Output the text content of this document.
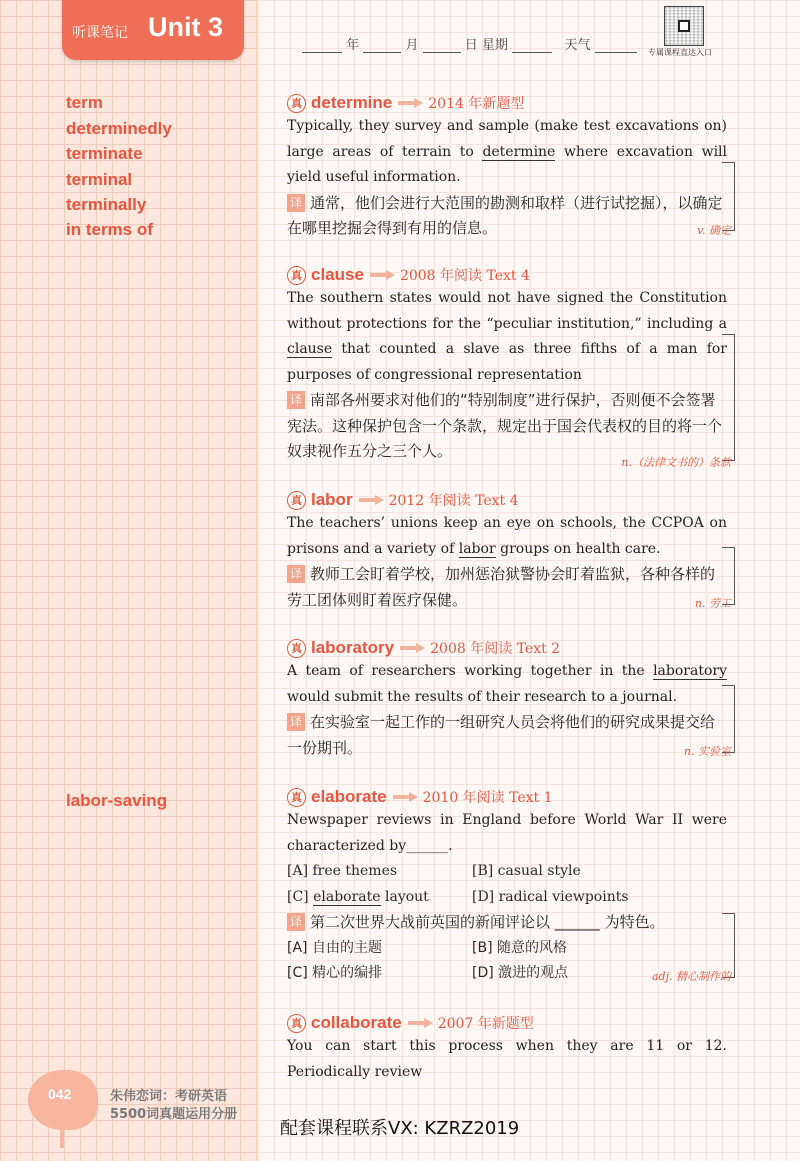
听课笔记 Unit 3
年	月	日 星期	天气	专属课程直达入口
term
determinedly
terminate
terminal
terminally
in terms of
labor-saving
真 determine	2014 年新题型
Typically, they survey and sample (make test excavations on) large areas of terrain to determine where excavation will yield useful information.
译 通常，他们会进行大范围的勘测和取样（进行试挖掘），以确定在哪里挖掘会得到有用的信息。	v. 确定
真 clause	2008 年阅读 Text 4
The southern states would not have signed the Constitution without protections for the “peculiar institution,” including a clause that counted a slave as three fifths of a man for purposes of congressional representation
译 南部各州要求对他们的“特别制度”进行保护，否则便不会签署宪法。这种保护包含一个条款，规定出于国会代表权的目的将一个奴隶视作五分之三个人。
n.（法律文书的）条款
真 labor	2012 年阅读 Text 4
The teachers’ unions keep an eye on schools, the CCPOA on prisons and a variety of labor groups on health care.
译 教师工会盯着学校，加州惩治狱警协会盯着监狱，各种各样的劳工团体则盯着医疗保健。	n. 劳工
真 laboratory	2008 年阅读 Text 2
A team of researchers working together in the laboratory would submit the results of their research to a journal.
译 在实验室一起工作的一组研究人员会将他们的研究成果提交给一份期刊。	n. 实验室
真 elaborate	2010 年阅读 Text 1
Newspaper reviews in England before World War II were characterized by______.
[A] free themes	[B] casual style
[C] elaborate layout	[D] radical viewpoints
译 第二次世界大战前英国的新闻评论以 ______ 为特色。
[A] 自由的主题	[B] 随意的风格
[C] 精心的编排	[D] 激进的观点	adj. 精心制作的
真 collaborate	2007 年新题型
You can start this process when they are 11 or 12. Periodically review
042	朱伟恋词：考研英语
5500词真题运用分册
配套课程联系VX: KZRZ2019
